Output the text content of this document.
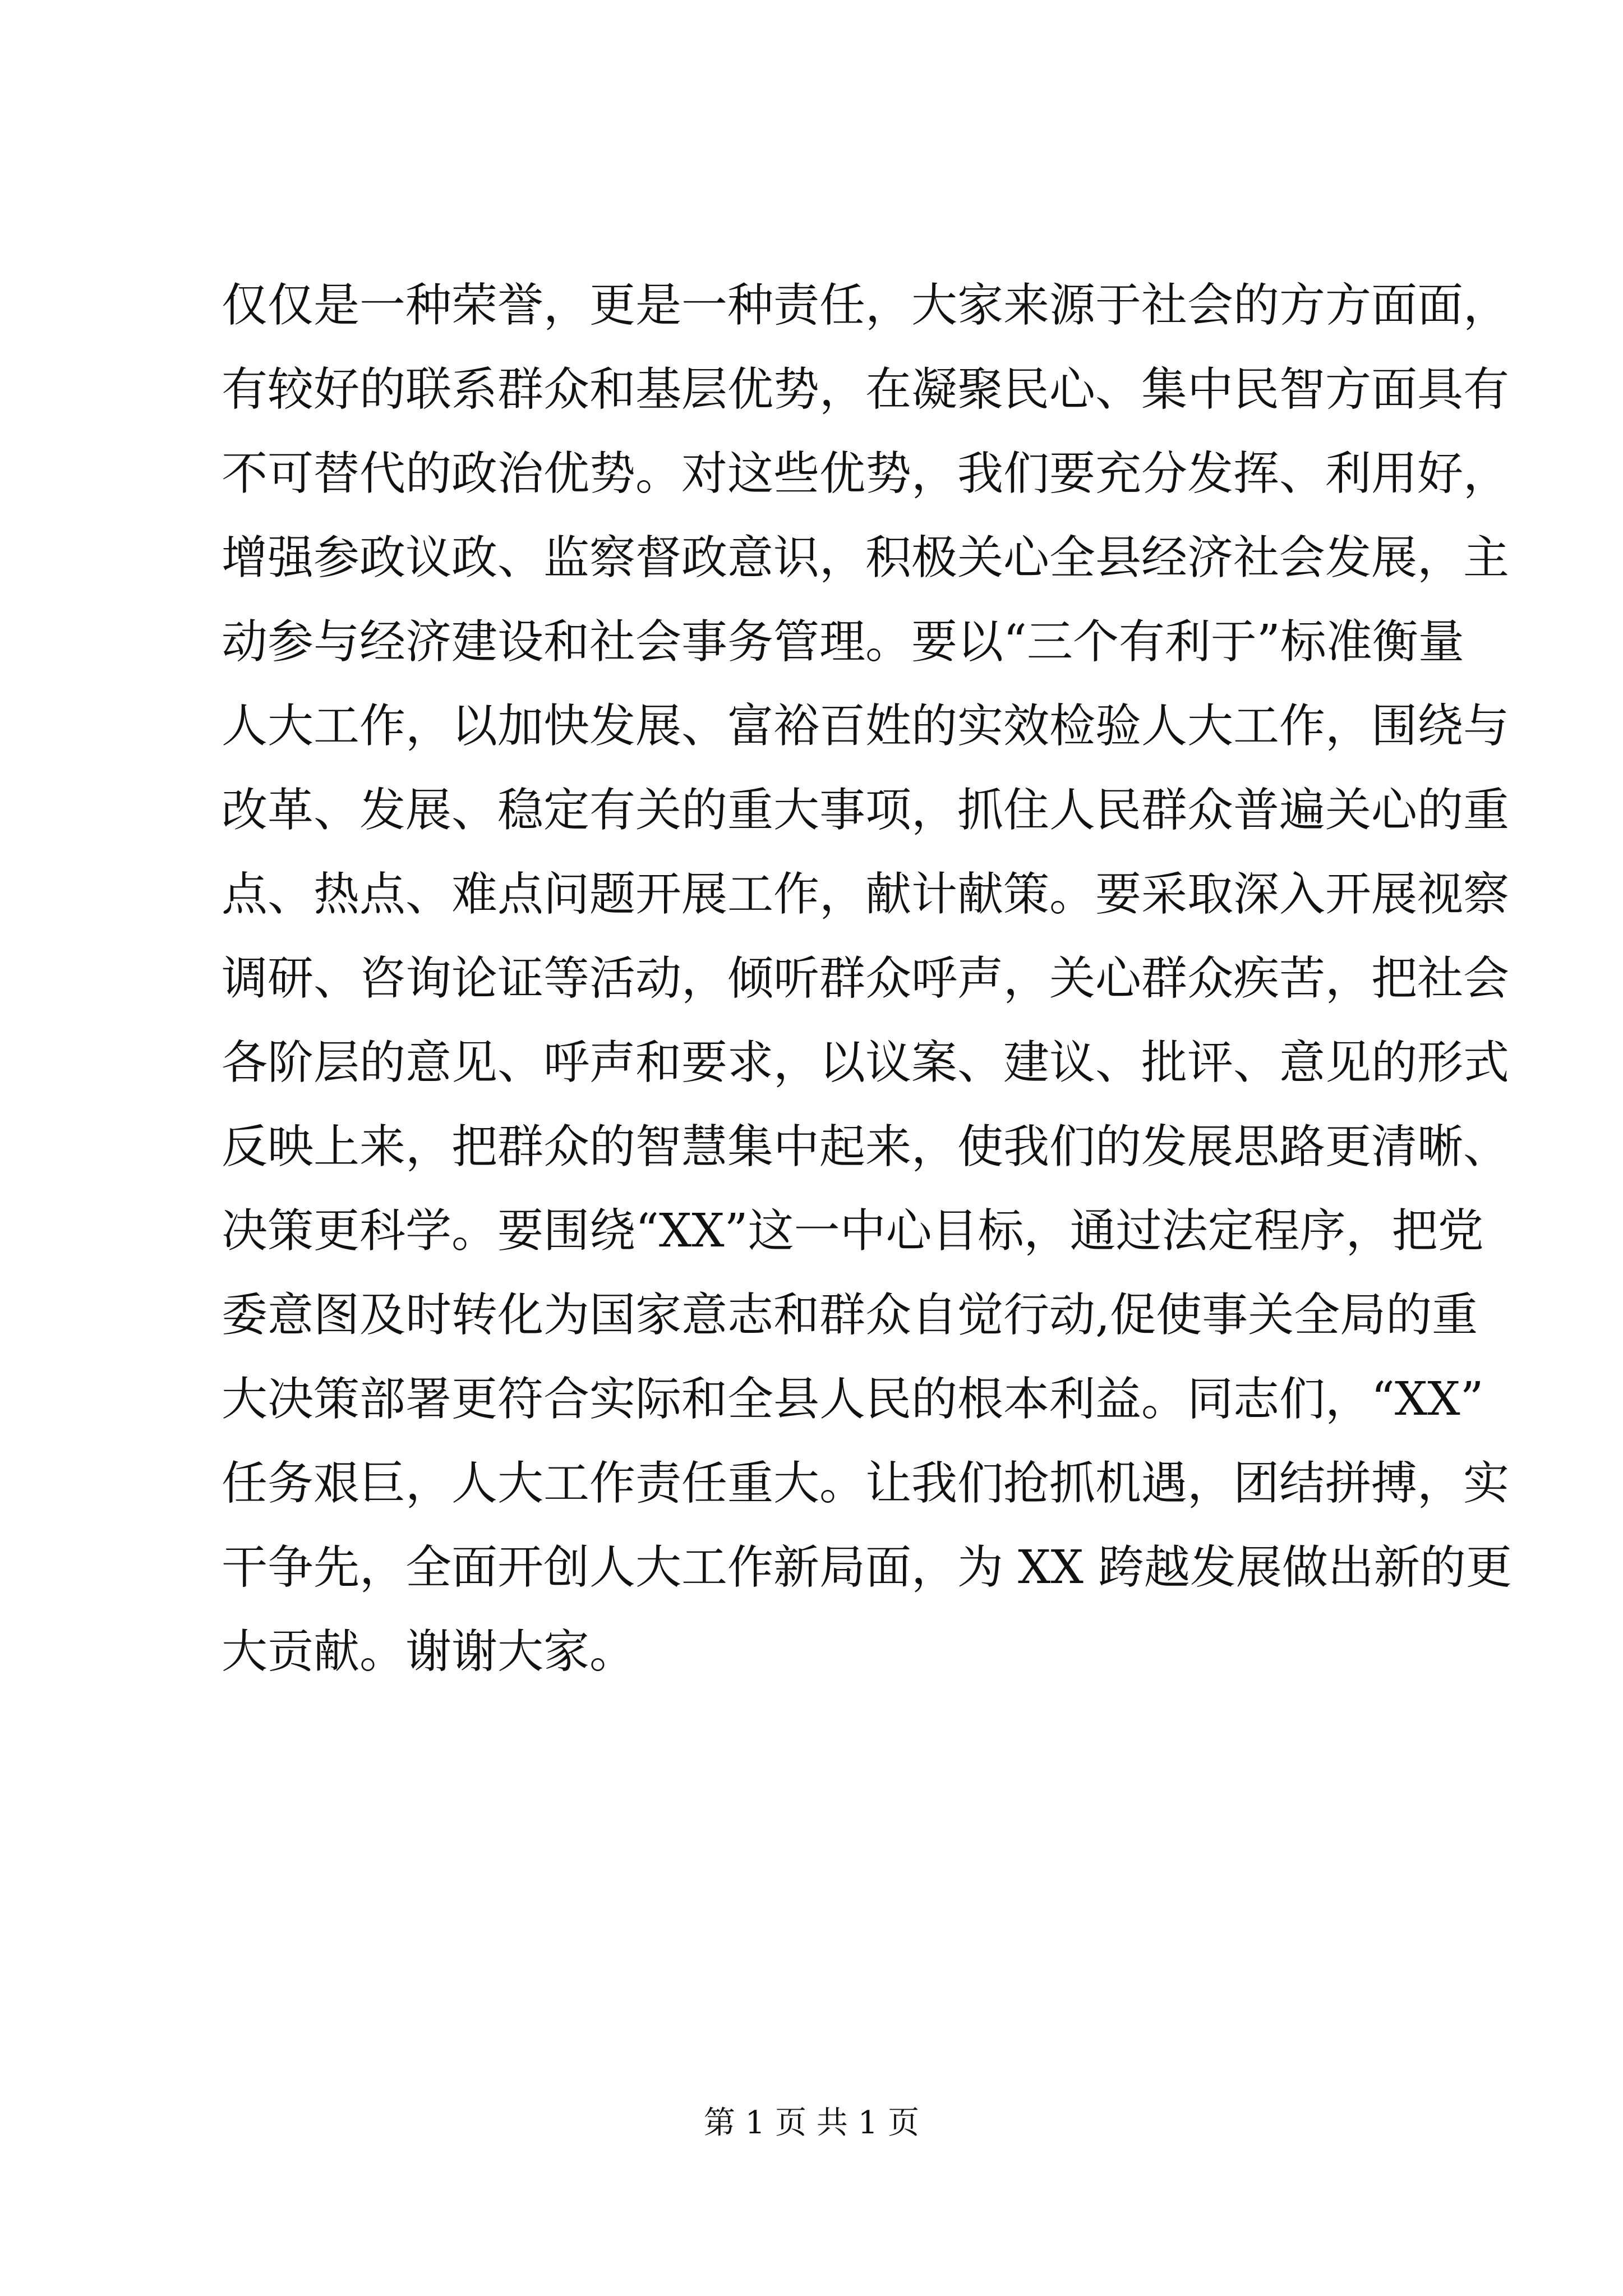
仅仅是一种荣誉，更是一种责任，大家来源于社会的方方面面，
有较好的联系群众和基层优势，在凝聚民心、集中民智方面具有
不可替代的政治优势。对这些优势，我们要充分发挥、利用好，
增强参政议政、监察督政意识，积极关心全县经济社会发展，主
动参与经济建设和社会事务管理。要以“三个有利于”标准衡量
人大工作，以加快发展、富裕百姓的实效检验人大工作，围绕与
改革、发展、稳定有关的重大事项，抓住人民群众普遍关心的重
点、热点、难点问题开展工作，献计献策。要采取深入开展视察
调研、咨询论证等活动，倾听群众呼声，关心群众疾苦，把社会
各阶层的意见、呼声和要求，以议案、建议、批评、意见的形式
反映上来，把群众的智慧集中起来，使我们的发展思路更清晰、
决策更科学。要围绕“XX”这一中心目标，通过法定程序，把党
委意图及时转化为国家意志和群众自觉行动,促使事关全局的重
大决策部署更符合实际和全县人民的根本利益。同志们，“XX”
任务艰巨，人大工作责任重大。让我们抢抓机遇，团结拼搏，实
干争先，全面开创人大工作新局面，为 XX 跨越发展做出新的更
大贡献。谢谢大家。
第 1 页 共 1 页
